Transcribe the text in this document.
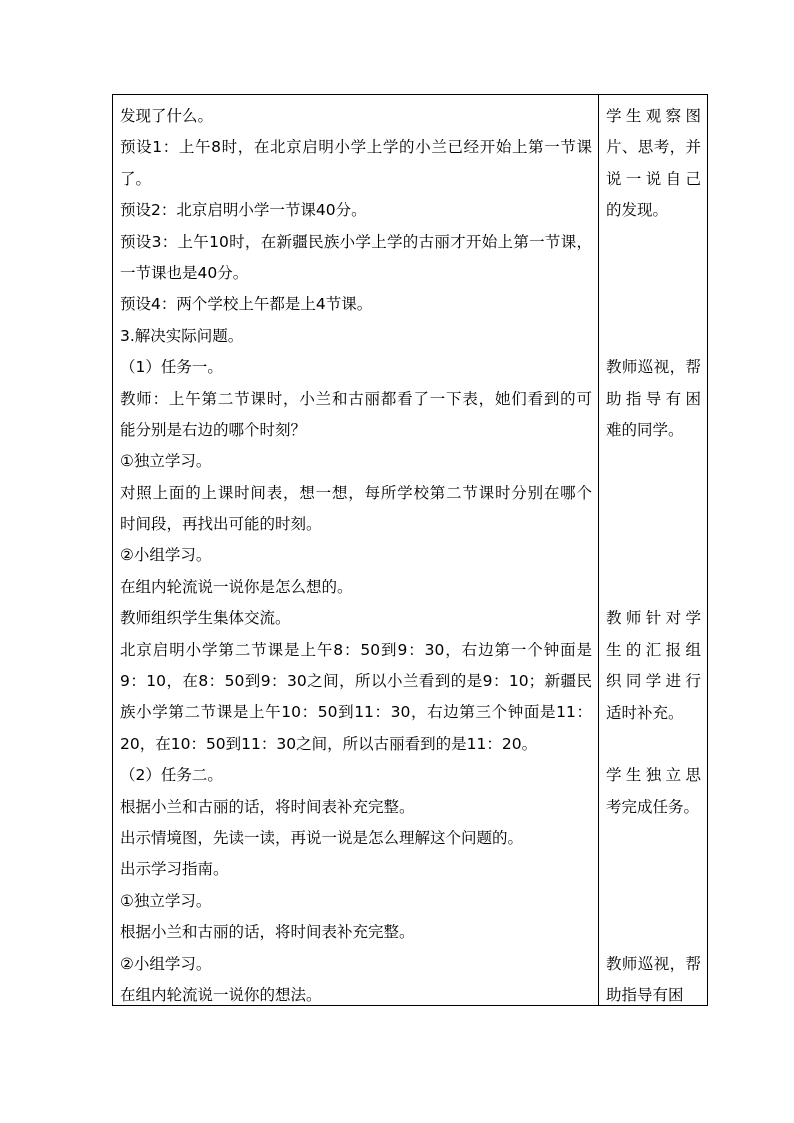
发现了什么。
预设1：上午8时，在北京启明小学上学的小兰已经开始上第一节课
了。
预设2：北京启明小学一节课40分。
预设3：上午10时，在新疆民族小学上学的古丽才开始上第一节课，
一节课也是40分。
预设4：两个学校上午都是上4节课。
3.解决实际问题。
（1）任务一。
教师：上午第二节课时，小兰和古丽都看了一下表，她们看到的可
能分别是右边的哪个时刻？
①独立学习。
对照上面的上课时间表，想一想，每所学校第二节课时分别在哪个
时间段，再找出可能的时刻。
②小组学习。
在组内轮流说一说你是怎么想的。
教师组织学生集体交流。
北京启明小学第二节课是上午8：50到9：30，右边第一个钟面是
9：10，在8：50到9：30之间，所以小兰看到的是9：10；新疆民
族小学第二节课是上午10：50到11：30，右边第三个钟面是11：
20，在10：50到11：30之间，所以古丽看到的是11：20。
（2）任务二。
根据小兰和古丽的话，将时间表补充完整。
出示情境图，先读一读，再说一说是怎么理解这个问题的。
出示学习指南。
①独立学习。
根据小兰和古丽的话，将时间表补充完整。
②小组学习。
在组内轮流说一说你的想法。
学生观察图
片、思考，并
说一说自己
的发现。
教师巡视，帮
助指导有困
难的同学。
教师针对学
生的汇报组
织同学进行
适时补充。
学生独立思
考完成任务。
教师巡视，帮
助指导有困
